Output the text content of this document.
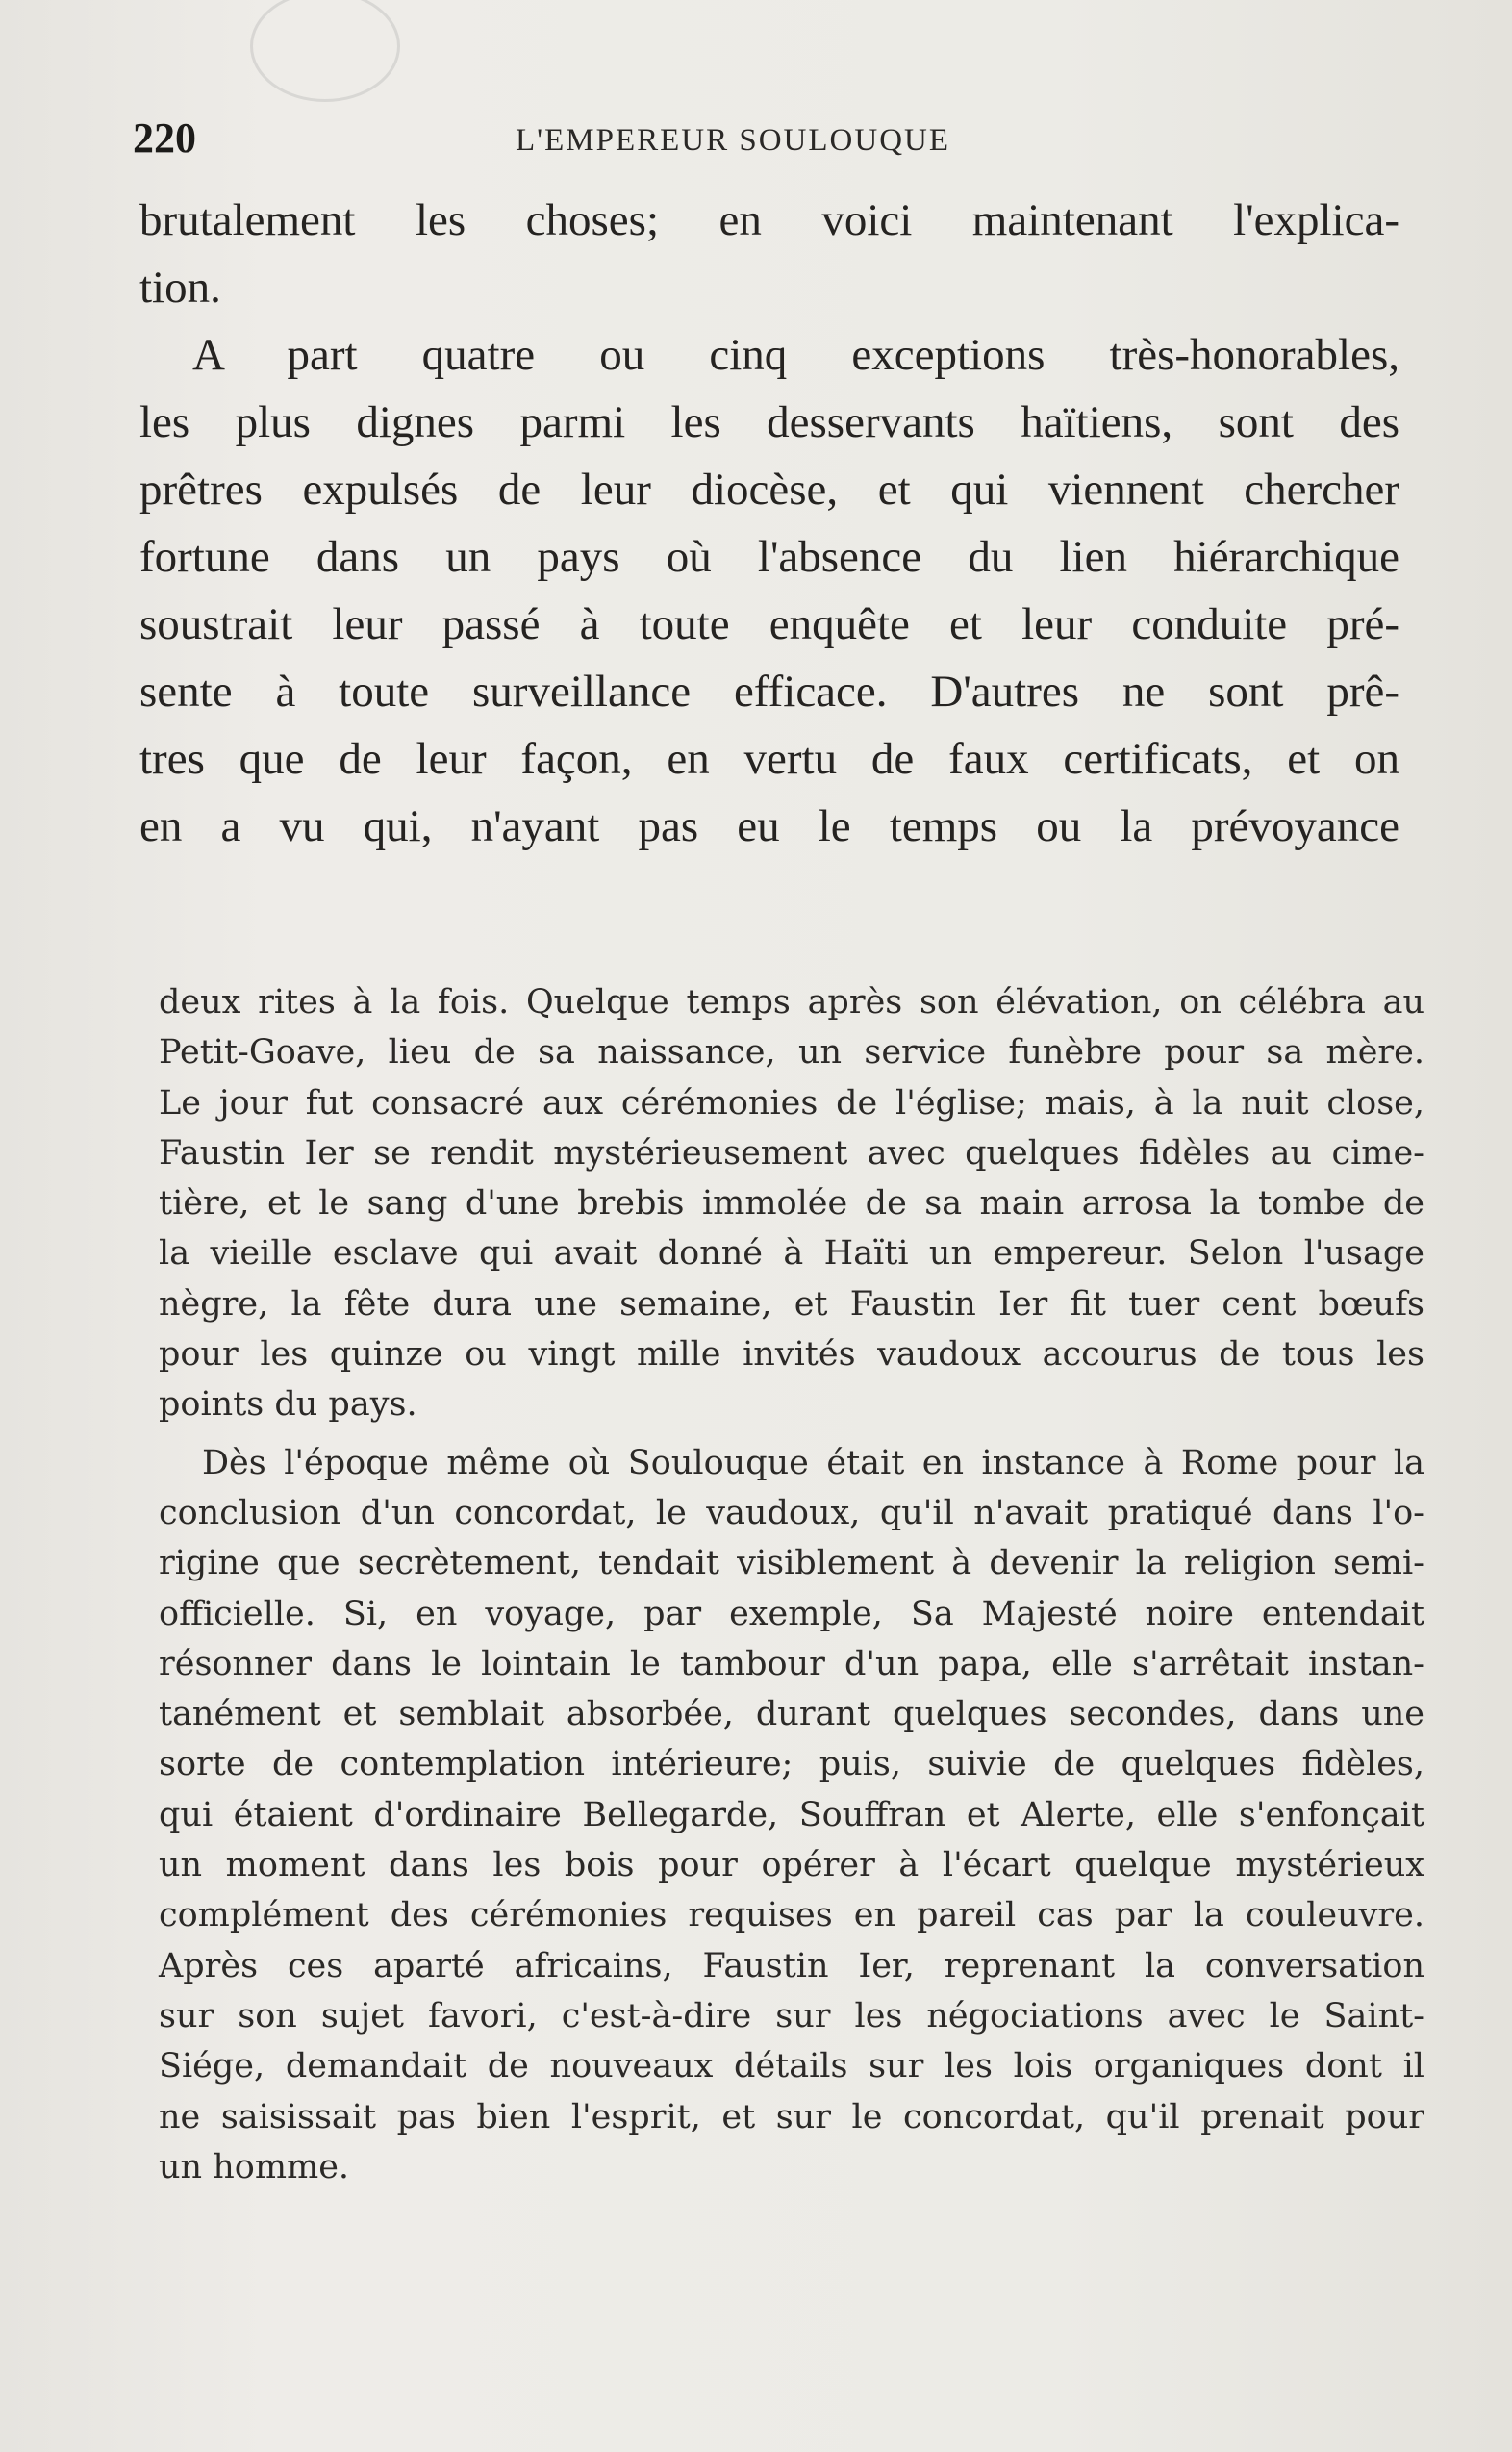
220	L'EMPEREUR SOULOUQUE
brutalement les choses; en voici maintenant l'explica-
tion.
A part quatre ou cinq exceptions très-honorables,
les plus dignes parmi les desservants haïtiens, sont des
prêtres expulsés de leur diocèse, et qui viennent chercher
fortune dans un pays où l'absence du lien hiérarchique
soustrait leur passé à toute enquête et leur conduite pré-
sente à toute surveillance efficace. D'autres ne sont prê-
tres que de leur façon, en vertu de faux certificats, et on
en a vu qui, n'ayant pas eu le temps ou la prévoyance
deux rites à la fois. Quelque temps après son élévation, on célébra au
Petit-Goave, lieu de sa naissance, un service funèbre pour sa mère.
Le jour fut consacré aux cérémonies de l'église; mais, à la nuit close,
Faustin Ier se rendit mystérieusement avec quelques fidèles au cime-
tière, et le sang d'une brebis immolée de sa main arrosa la tombe de
la vieille esclave qui avait donné à Haïti un empereur. Selon l'usage
nègre, la fête dura une semaine, et Faustin Ier fit tuer cent bœufs
pour les quinze ou vingt mille invités vaudoux accourus de tous les
points du pays.
Dès l'époque même où Soulouque était en instance à Rome pour la
conclusion d'un concordat, le vaudoux, qu'il n'avait pratiqué dans l'o-
rigine que secrètement, tendait visiblement à devenir la religion semi-
officielle. Si, en voyage, par exemple, Sa Majesté noire entendait
résonner dans le lointain le tambour d'un papa, elle s'arrêtait instan-
tanément et semblait absorbée, durant quelques secondes, dans une
sorte de contemplation intérieure; puis, suivie de quelques fidèles,
qui étaient d'ordinaire Bellegarde, Souffran et Alerte, elle s'enfonçait
un moment dans les bois pour opérer à l'écart quelque mystérieux
complément des cérémonies requises en pareil cas par la couleuvre.
Après ces aparté africains, Faustin Ier, reprenant la conversation
sur son sujet favori, c'est-à-dire sur les négociations avec le Saint-
Siége, demandait de nouveaux détails sur les lois organiques dont il
ne saisissait pas bien l'esprit, et sur le concordat, qu'il prenait pour
un homme.
